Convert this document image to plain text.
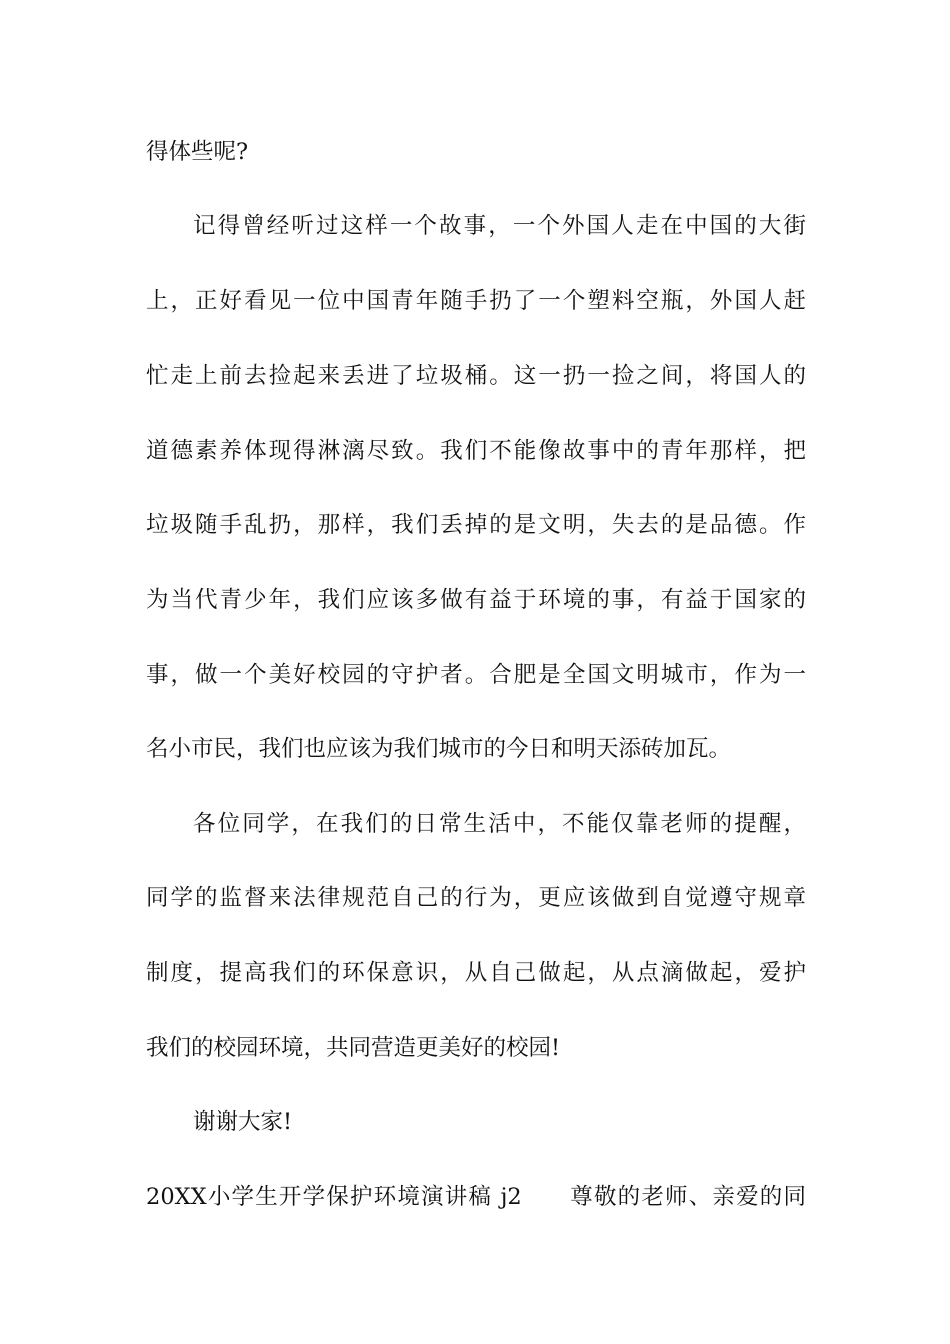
得体些呢?
记得曾经听过这样一个故事，一个外国人走在中国的大街
上，正好看见一位中国青年随手扔了一个塑料空瓶，外国人赶
忙走上前去捡起来丢进了垃圾桶。这一扔一捡之间，将国人的
道德素养体现得淋漓尽致。我们不能像故事中的青年那样，把
垃圾随手乱扔，那样，我们丢掉的是文明，失去的是品德。作
为当代青少年，我们应该多做有益于环境的事，有益于国家的
事，做一个美好校园的守护者。合肥是全国文明城市，作为一
名小市民，我们也应该为我们城市的今日和明天添砖加瓦。
各位同学，在我们的日常生活中，不能仅靠老师的提醒，
同学的监督来法律规范自己的行为，更应该做到自觉遵守规章
制度，提高我们的环保意识，从自己做起，从点滴做起，爱护
我们的校园环境，共同营造更美好的校园!
谢谢大家!
20XX小学生开学保护环境演讲稿 j2　　尊敬的老师、亲爱的同
